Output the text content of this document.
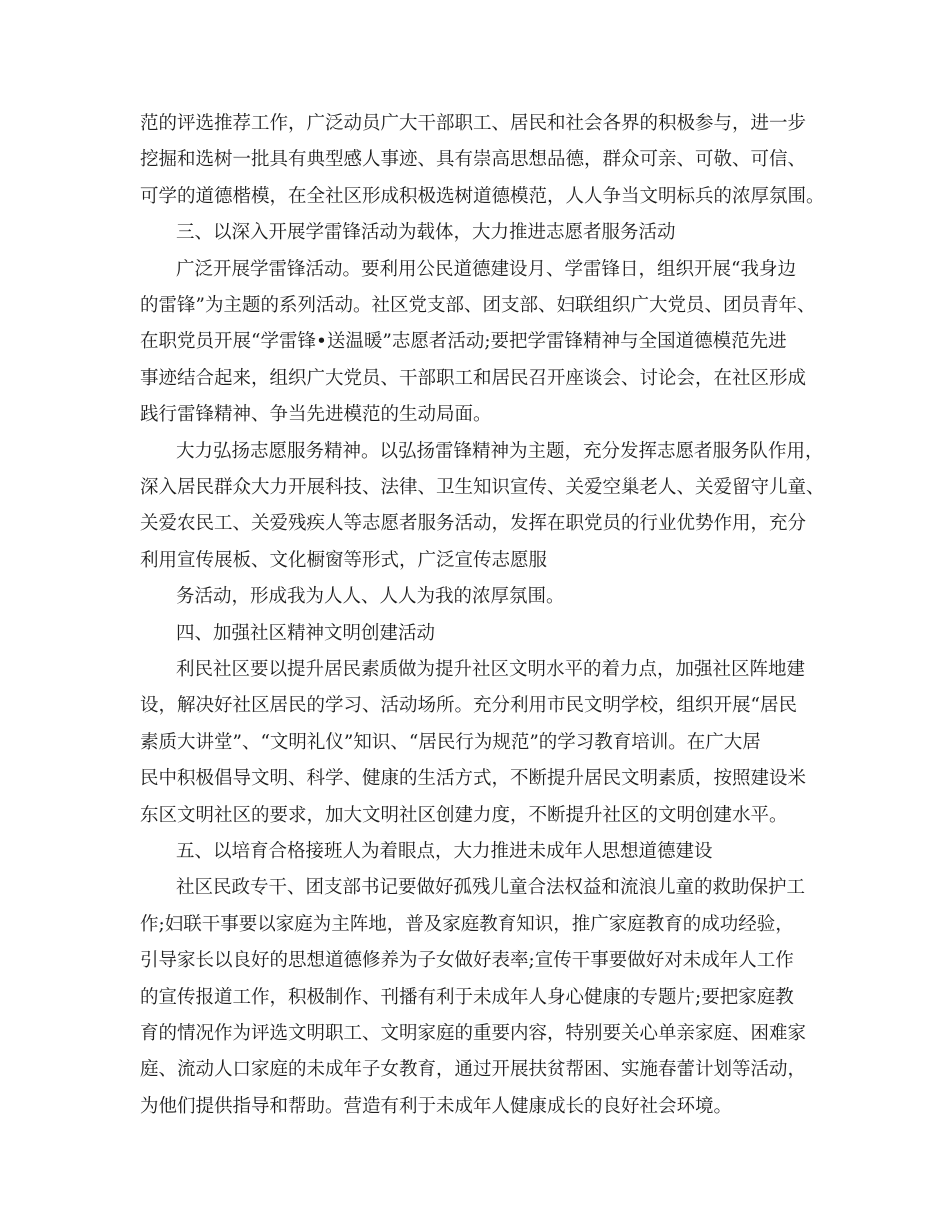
范的评选推荐工作，广泛动员广大干部职工、居民和社会各界的积极参与，进一步
挖掘和选树一批具有典型感人事迹、具有崇高思想品德，群众可亲、可敬、可信、
可学的道德楷模，在全社区形成积极选树道德模范，人人争当文明标兵的浓厚氛围。
三、以深入开展学雷锋活动为载体，大力推进志愿者服务活动
广泛开展学雷锋活动。要利用公民道德建设月、学雷锋日，组织开展“我身边
的雷锋”为主题的系列活动。社区党支部、团支部、妇联组织广大党员、团员青年、
在职党员开展“学雷锋•送温暖”志愿者活动;要把学雷锋精神与全国道德模范先进
事迹结合起来，组织广大党员、干部职工和居民召开座谈会、讨论会，在社区形成
践行雷锋精神、争当先进模范的生动局面。
大力弘扬志愿服务精神。以弘扬雷锋精神为主题，充分发挥志愿者服务队作用，
深入居民群众大力开展科技、法律、卫生知识宣传、关爱空巢老人、关爱留守儿童、
关爱农民工、关爱残疾人等志愿者服务活动，发挥在职党员的行业优势作用，充分
利用宣传展板、文化橱窗等形式，广泛宣传志愿服
务活动，形成我为人人、人人为我的浓厚氛围。
四、加强社区精神文明创建活动
利民社区要以提升居民素质做为提升社区文明水平的着力点，加强社区阵地建
设，解决好社区居民的学习、活动场所。充分利用市民文明学校，组织开展“居民
素质大讲堂”、“文明礼仪”知识、“居民行为规范”的学习教育培训。在广大居
民中积极倡导文明、科学、健康的生活方式，不断提升居民文明素质，按照建设米
东区文明社区的要求，加大文明社区创建力度，不断提升社区的文明创建水平。
五、以培育合格接班人为着眼点，大力推进未成年人思想道德建设
社区民政专干、团支部书记要做好孤残儿童合法权益和流浪儿童的救助保护工
作;妇联干事要以家庭为主阵地，普及家庭教育知识，推广家庭教育的成功经验，
引导家长以良好的思想道德修养为子女做好表率;宣传干事要做好对未成年人工作
的宣传报道工作，积极制作、刊播有利于未成年人身心健康的专题片;要把家庭教
育的情况作为评选文明职工、文明家庭的重要内容，特别要关心单亲家庭、困难家
庭、流动人口家庭的未成年子女教育，通过开展扶贫帮困、实施春蕾计划等活动，
为他们提供指导和帮助。营造有利于未成年人健康成长的良好社会环境。
